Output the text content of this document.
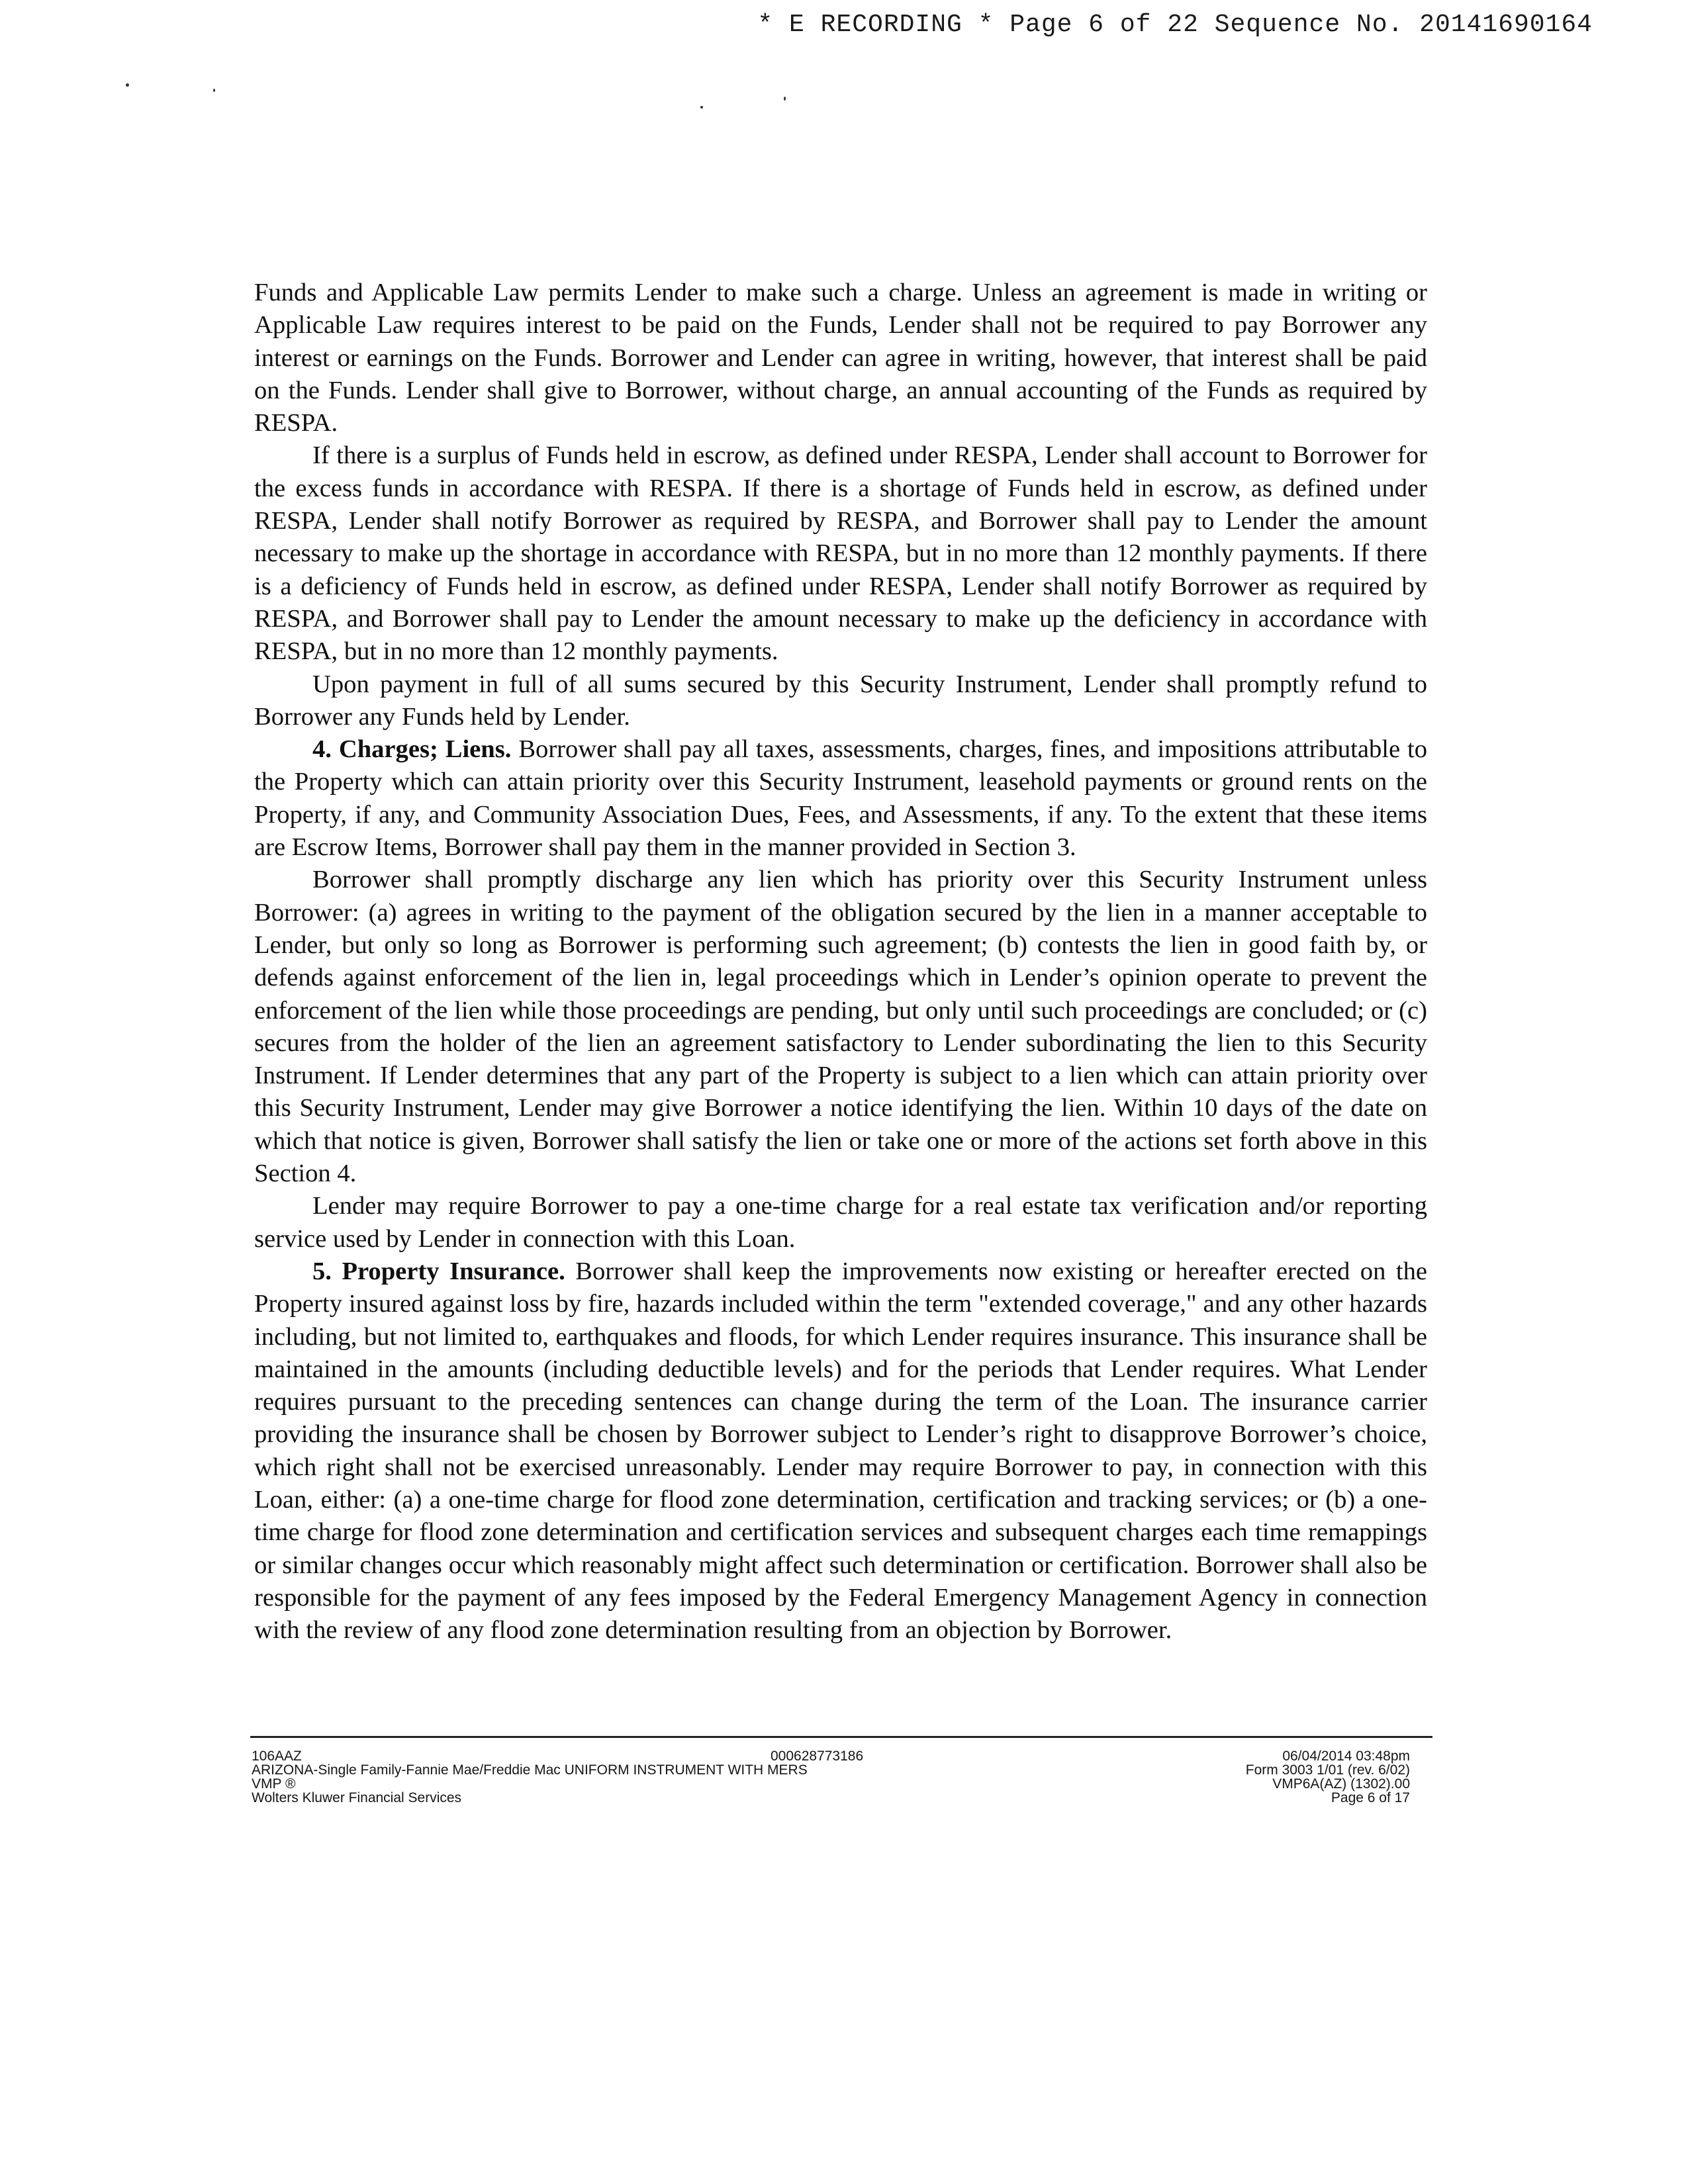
* E RECORDING * Page 6 of 22 Sequence No. 20141690164

Funds and Applicable Law permits Lender to make such a charge. Unless an agreement is made in writing or Applicable Law requires interest to be paid on the Funds, Lender shall not be required to pay Borrower any interest or earnings on the Funds. Borrower and Lender can agree in writing, however, that interest shall be paid on the Funds. Lender shall give to Borrower, without charge, an annual accounting of the Funds as required by RESPA.

If there is a surplus of Funds held in escrow, as defined under RESPA, Lender shall account to Borrower for the excess funds in accordance with RESPA. If there is a shortage of Funds held in escrow, as defined under RESPA, Lender shall notify Borrower as required by RESPA, and Borrower shall pay to Lender the amount necessary to make up the shortage in accordance with RESPA, but in no more than 12 monthly payments. If there is a deficiency of Funds held in escrow, as defined under RESPA, Lender shall notify Borrower as required by RESPA, and Borrower shall pay to Lender the amount necessary to make up the deficiency in accordance with RESPA, but in no more than 12 monthly payments.

Upon payment in full of all sums secured by this Security Instrument, Lender shall promptly refund to Borrower any Funds held by Lender.

4. Charges; Liens. Borrower shall pay all taxes, assessments, charges, fines, and impositions attributable to the Property which can attain priority over this Security Instrument, leasehold payments or ground rents on the Property, if any, and Community Association Dues, Fees, and Assessments, if any. To the extent that these items are Escrow Items, Borrower shall pay them in the manner provided in Section 3.

Borrower shall promptly discharge any lien which has priority over this Security Instrument unless Borrower: (a) agrees in writing to the payment of the obligation secured by the lien in a manner acceptable to Lender, but only so long as Borrower is performing such agreement; (b) contests the lien in good faith by, or defends against enforcement of the lien in, legal proceedings which in Lender’s opinion operate to prevent the enforcement of the lien while those proceedings are pending, but only until such proceedings are concluded; or (c) secures from the holder of the lien an agreement satisfactory to Lender subordinating the lien to this Security Instrument. If Lender determines that any part of the Property is subject to a lien which can attain priority over this Security Instrument, Lender may give Borrower a notice identifying the lien. Within 10 days of the date on which that notice is given, Borrower shall satisfy the lien or take one or more of the actions set forth above in this Section 4.

Lender may require Borrower to pay a one-time charge for a real estate tax verification and/or reporting service used by Lender in connection with this Loan.

5. Property Insurance. Borrower shall keep the improvements now existing or hereafter erected on the Property insured against loss by fire, hazards included within the term "extended coverage," and any other hazards including, but not limited to, earthquakes and floods, for which Lender requires insurance. This insurance shall be maintained in the amounts (including deductible levels) and for the periods that Lender requires. What Lender requires pursuant to the preceding sentences can change during the term of the Loan. The insurance carrier providing the insurance shall be chosen by Borrower subject to Lender’s right to disapprove Borrower’s choice, which right shall not be exercised unreasonably. Lender may require Borrower to pay, in connection with this Loan, either: (a) a one-time charge for flood zone determination, certification and tracking services; or (b) a one-time charge for flood zone determination and certification services and subsequent charges each time remappings or similar changes occur which reasonably might affect such determination or certification. Borrower shall also be responsible for the payment of any fees imposed by the Federal Emergency Management Agency in connection with the review of any flood zone determination resulting from an objection by Borrower.

106AAZ
ARIZONA-Single Family-Fannie Mae/Freddie Mac UNIFORM INSTRUMENT WITH MERS
VMP ®
Wolters Kluwer Financial Services
000628773186	06/04/2014 03:48pm
Form 3003 1/01 (rev. 6/02)
VMP6A(AZ) (1302).00
Page 6 of 17
